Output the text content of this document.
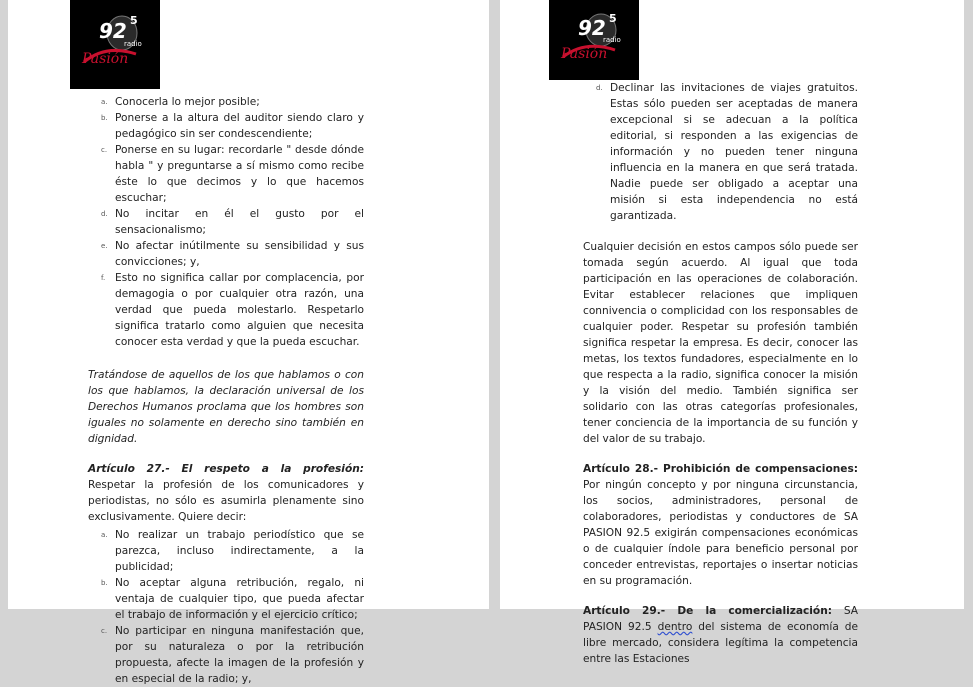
92 5
radio
Pasión
a. Conocerla lo mejor posible;
b. Ponerse a la altura del auditor siendo claro y pedagógico sin ser condescendiente;
c. Ponerse en su lugar: recordarle " desde dónde habla " y preguntarse a sí mismo como recibe éste lo que decimos y lo que hacemos escuchar;
d. No incitar en él el gusto por el sensacionalismo;
e. No afectar inútilmente su sensibilidad y sus convicciones; y,
f. Esto no significa callar por complacencia, por demagogia o por cualquier otra razón, una verdad que pueda molestarlo. Respetarlo significa tratarlo como alguien que necesita conocer esta verdad y que la pueda escuchar.

Tratándose de aquellos de los que hablamos o con los que hablamos, la declaración universal de los Derechos Humanos proclama que los hombres son iguales no solamente en derecho sino también en dignidad.

Artículo 27.- El respeto a la profesión: Respetar la profesión de los comunicadores y periodistas, no sólo es asumirla plenamente sino exclusivamente. Quiere decir:

a. No realizar un trabajo periodístico que se parezca, incluso indirectamente, a la publicidad;
b. No aceptar alguna retribución, regalo, ni ventaja de cualquier tipo, que pueda afectar el trabajo de información y el ejercicio crítico;
c. No participar en ninguna manifestación que, por su naturaleza o por la retribución propuesta, afecte la imagen de la profesión y en especial de la radio; y,
92 5
radio
Pasión
d. Declinar las invitaciones de viajes gratuitos. Estas sólo pueden ser aceptadas de manera excepcional si se adecuan a la política editorial, si responden a las exigencias de información y no pueden tener ninguna influencia en la manera en que será tratada. Nadie puede ser obligado a aceptar una misión si esta independencia no está garantizada.

Cualquier decisión en estos campos sólo puede ser tomada según acuerdo. Al igual que toda participación en las operaciones de colaboración. Evitar establecer relaciones que impliquen connivencia o complicidad con los responsables de cualquier poder. Respetar su profesión también significa respetar la empresa. Es decir, conocer las metas, los textos fundadores, especialmente en lo que respecta a la radio, significa conocer la misión y la visión del medio. También significa ser solidario con las otras categorías profesionales, tener conciencia de la importancia de su función y del valor de su trabajo.

Artículo 28.- Prohibición de compensaciones: Por ningún concepto y por ninguna circunstancia, los socios, administradores, personal de colaboradores, periodistas y conductores de SA PASION 92.5 exigirán compensaciones económicas o de cualquier índole para beneficio personal por conceder entrevistas, reportajes o insertar noticias en su programación.

Artículo 29.- De la comercialización: SA PASION 92.5 dentro del sistema de economía de libre mercado, considera legítima la competencia entre las Estaciones
